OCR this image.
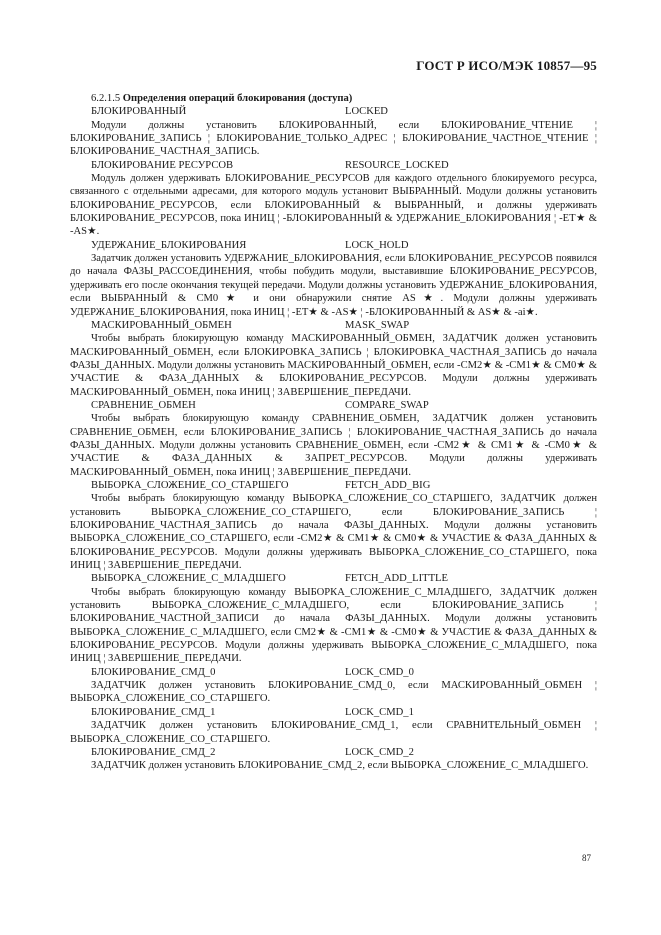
ГОСТ Р ИСО/МЭК 10857—95

6.2.1.5 Определения операций блокирования (доступа)

БЛОКИРОВАННЫЙ	LOCKED

Модули должны установить БЛОКИРОВАННЫЙ, если БЛОКИРОВАНИЕ_ЧТЕНИЕ ¦ БЛОКИРОВАНИЕ_ЗАПИСЬ ¦ БЛОКИРОВАНИЕ_ТОЛЬКО_АДРЕС ¦ БЛОКИРОВАНИЕ_ЧАСТНОЕ_ЧТЕНИЕ ¦ БЛОКИРОВАНИЕ_ЧАСТНАЯ_ЗАПИСЬ.

БЛОКИРОВАНИЕ РЕСУРСОВ	RESOURCE_LOCKED

Модуль должен удерживать БЛОКИРОВАНИЕ_РЕСУРСОВ для каждого отдельного блокируемого ресурса, связанного с отдельными адресами, для которого модуль установит ВЫБРАННЫЙ. Модули должны установить БЛОКИРОВАНИЕ_РЕСУРСОВ, если БЛОКИРОВАННЫЙ & ВЫБРАННЫЙ, и должны удерживать БЛОКИРОВАНИЕ_РЕСУРСОВ, пока ИНИЦ ¦ -БЛОКИРОВАННЫЙ & УДЕРЖАНИЕ_БЛОКИРОВАНИЯ ¦ -ЕТ★ & -AS★.

УДЕРЖАНИЕ_БЛОКИРОВАНИЯ	LOCK_HOLD

Задатчик должен установить УДЕРЖАНИЕ_БЛОКИРОВАНИЯ, если БЛОКИРОВАНИЕ_РЕСУРСОВ появился до начала ФАЗЫ_РАССОЕДИНЕНИЯ, чтобы побудить модули, выставившие БЛОКИРОВАНИЕ_РЕСУРСОВ, удерживать его после окончания текущей передачи. Модули должны установить УДЕРЖАНИЕ_БЛОКИРОВАНИЯ, если ВЫБРАННЫЙ & СМ0★ и они обнаружили снятие AS★. Модули должны удерживать УДЕРЖАНИЕ_БЛОКИРОВАНИЯ, пока ИНИЦ ¦ -ЕТ★ & -AS★ ¦ -БЛОКИРОВАННЫЙ & AS★ & -ai★.

МАСКИРОВАННЫЙ_ОБМЕН	MASK_SWAP

Чтобы выбрать блокирующую команду МАСКИРОВАННЫЙ_ОБМЕН, ЗАДАТЧИК должен установить МАСКИРОВАННЫЙ_ОБМЕН, если БЛОКИРОВКА_ЗАПИСЬ ¦ БЛОКИРОВКА_ЧАСТНАЯ_ЗАПИСЬ до начала ФАЗЫ_ДАННЫХ. Модули должны установить МАСКИРОВАННЫЙ_ОБМЕН, если -СМ2★ & -СМ1★ & СМ0★ & УЧАСТИЕ & ФАЗА_ДАННЫХ & БЛОКИРОВАНИЕ_РЕСУРСОВ. Модули должны удерживать МАСКИРОВАННЫЙ_ОБМЕН, пока ИНИЦ ¦ ЗАВЕРШЕНИЕ_ПЕРЕДАЧИ.

СРАВНЕНИЕ_ОБМЕН	COMPARE_SWAP

Чтобы выбрать блокирующую команду СРАВНЕНИЕ_ОБМЕН, ЗАДАТЧИК должен установить СРАВНЕНИЕ_ОБМЕН, если БЛОКИРОВАНИЕ_ЗАПИСЬ ¦ БЛОКИРОВАНИЕ_ЧАСТНАЯ_ЗАПИСЬ до начала ФАЗЫ_ДАННЫХ. Модули должны установить СРАВНЕНИЕ_ОБМЕН, если -СМ2★ & СМ1★ & -СМ0★ & УЧАСТИЕ & ФАЗА_ДАННЫХ & ЗАПРЕТ_РЕСУРСОВ. Модули должны удерживать МАСКИРОВАННЫЙ_ОБМЕН, пока ИНИЦ ¦ ЗАВЕРШЕНИЕ_ПЕРЕДАЧИ.

ВЫБОРКА_СЛОЖЕНИЕ_СО_СТАРШЕГО	FETCH_ADD_BIG

Чтобы выбрать блокирующую команду ВЫБОРКА_СЛОЖЕНИЕ_СО_СТАРШЕГО, ЗАДАТЧИК должен установить ВЫБОРКА_СЛОЖЕНИЕ_СО_СТАРШЕГО, если БЛОКИРОВАНИЕ_ЗАПИСЬ ¦ БЛОКИРОВАНИЕ_ЧАСТНАЯ_ЗАПИСЬ до начала ФАЗЫ_ДАННЫХ. Модули должны установить ВЫБОРКА_СЛОЖЕНИЕ_СО_СТАРШЕГО, если -СМ2★ & СМ1★ & СМ0★ & УЧАСТИЕ & ФАЗА_ДАННЫХ & БЛОКИРОВАНИЕ_РЕСУРСОВ. Модули должны удерживать ВЫБОРКА_СЛОЖЕНИЕ_СО_СТАРШЕГО, пока ИНИЦ ¦ ЗАВЕРШЕНИЕ_ПЕРЕДАЧИ.

ВЫБОРКА_СЛОЖЕНИЕ_С_МЛАДШЕГО	FETCH_ADD_LITTLE

Чтобы выбрать блокирующую команду ВЫБОРКА_СЛОЖЕНИЕ_С_МЛАДШЕГО, ЗАДАТЧИК должен установить ВЫБОРКА_СЛОЖЕНИЕ_С_МЛАДШЕГО, если БЛОКИРОВАНИЕ_ЗАПИСЬ ¦ БЛОКИРОВАНИЕ_ЧАСТНОЙ_ЗАПИСИ до начала ФАЗЫ_ДАННЫХ. Модули должны установить ВЫБОРКА_СЛОЖЕНИЕ_С_МЛАДШЕГО, если СМ2★ & -СМ1★ & -СМ0★ & УЧАСТИЕ & ФАЗА_ДАННЫХ & БЛОКИРОВАНИЕ_РЕСУРСОВ. Модули должны удерживать ВЫБОРКА_СЛОЖЕНИЕ_С_МЛАДШЕГО, пока ИНИЦ ¦ ЗАВЕРШЕНИЕ_ПЕРЕДАЧИ.

БЛОКИРОВАНИЕ_СМД_0	LOCK_CMD_0

ЗАДАТЧИК должен установить БЛОКИРОВАНИЕ_СМД_0, если МАСКИРОВАННЫЙ_ОБМЕН ¦ ВЫБОРКА_СЛОЖЕНИЕ_СО_СТАРШЕГО.

БЛОКИРОВАНИЕ_СМД_1	LOCK_CMD_1

ЗАДАТЧИК должен установить БЛОКИРОВАНИЕ_СМД_1, если СРАВНИТЕЛЬНЫЙ_ОБМЕН ¦ ВЫБОРКА_СЛОЖЕНИЕ_СО_СТАРШЕГО.

БЛОКИРОВАНИЕ_СМД_2	LOCK_CMD_2

ЗАДАТЧИК должен установить БЛОКИРОВАНИЕ_СМД_2, если ВЫБОРКА_СЛОЖЕНИЕ_С_МЛАДШЕГО.

87
